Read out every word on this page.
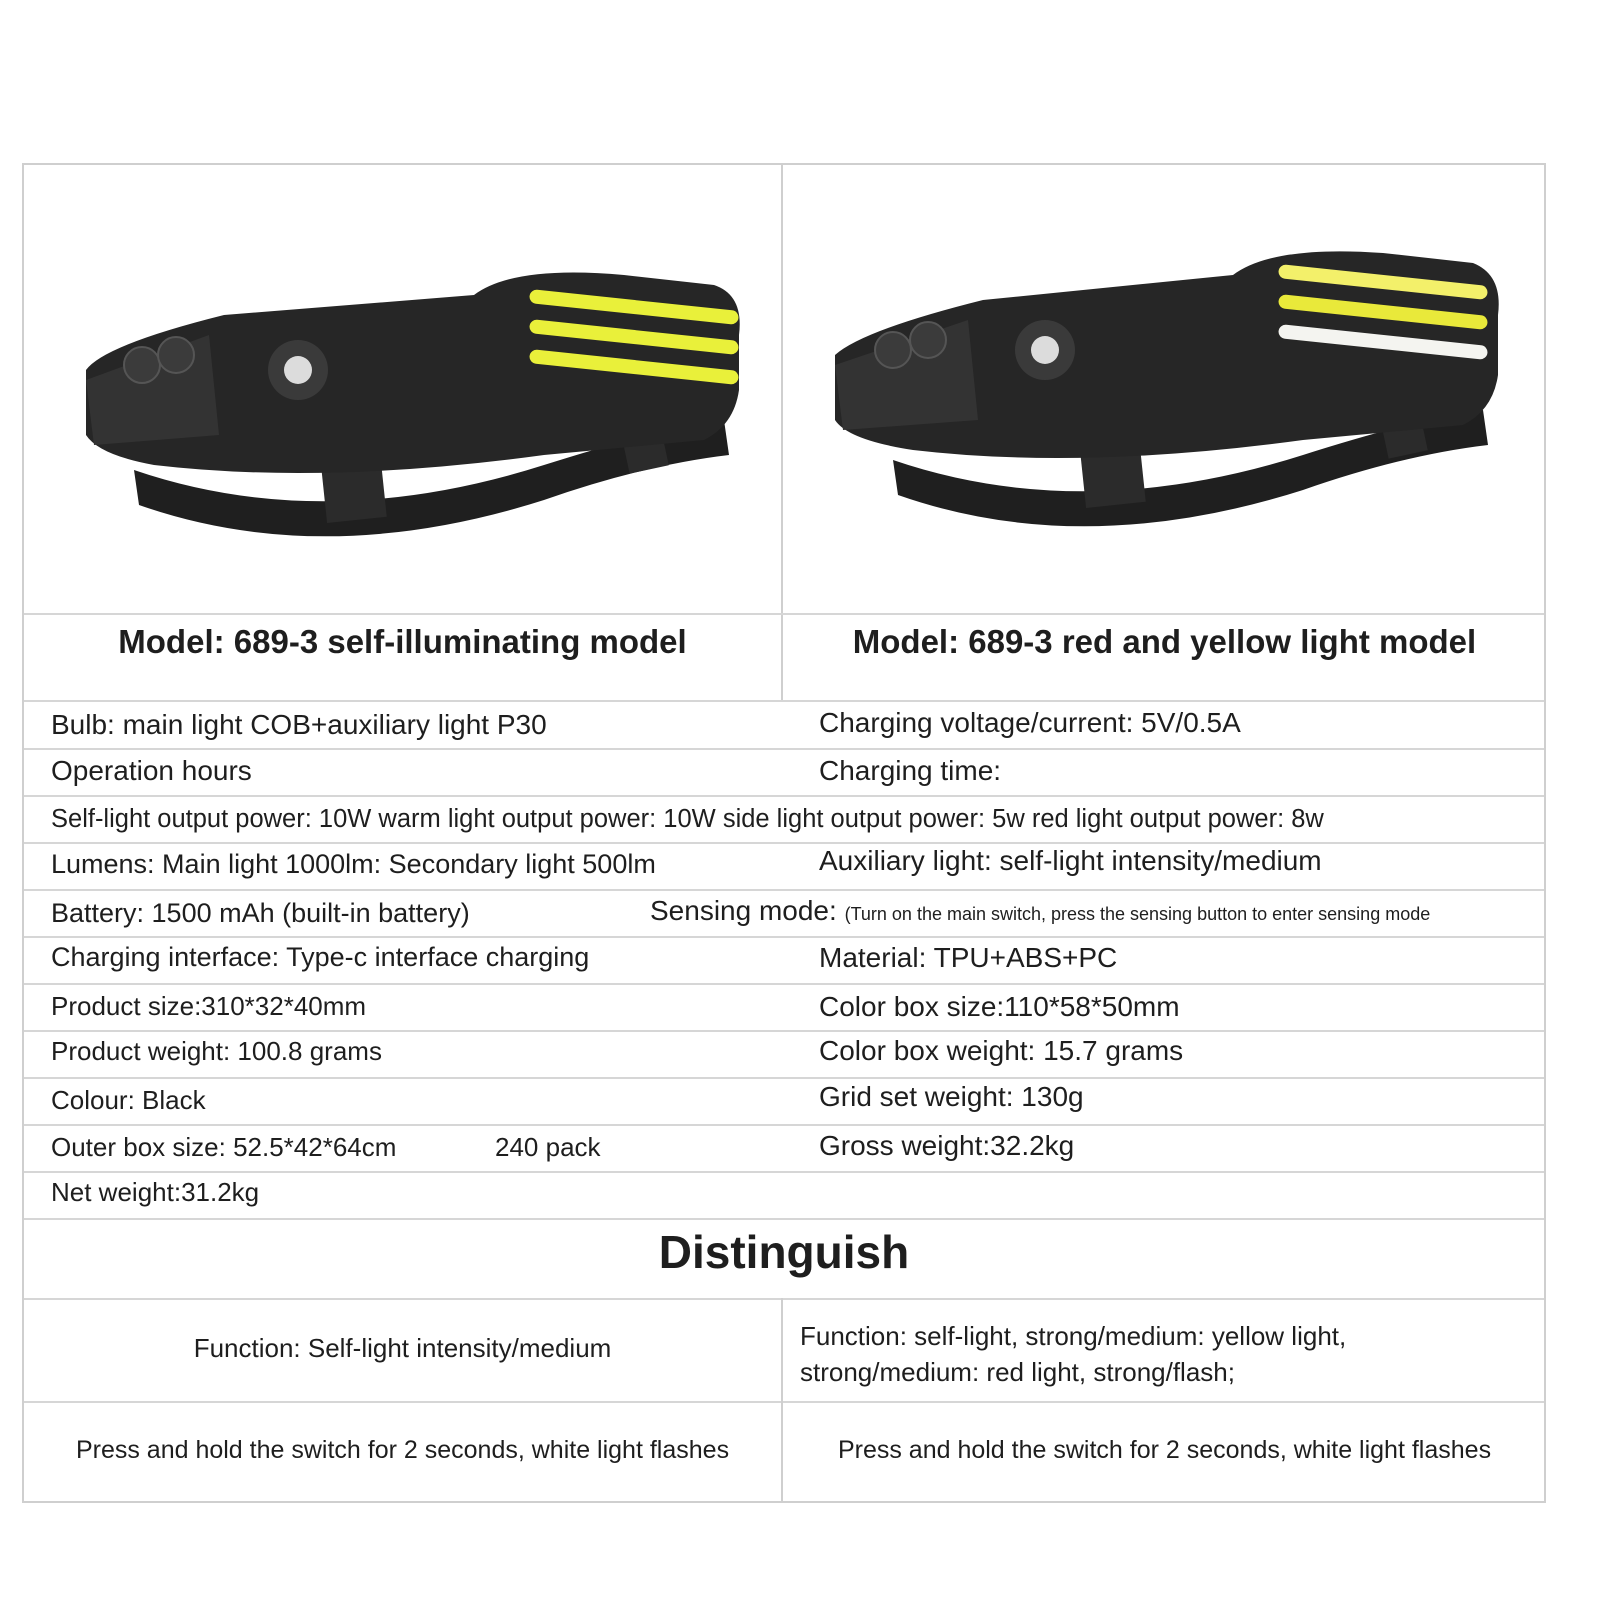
Model: 689-3 self-illuminating model	Model: 689-3 red and yellow light model
Bulb: main light COB+auxiliary light P30	Charging voltage/current: 5V/0.5A
Operation hours	Charging time:
Self-light output power: 10W warm light output power: 10W side light output power: 5w red light output power: 8w
Lumens: Main light 1000lm: Secondary light 500lm	Auxiliary light: self-light intensity/medium
Battery: 1500 mAh (built-in battery)	Sensing mode: (Turn on the main switch, press the sensing button to enter sensing mode
Charging interface: Type-c interface charging	Material: TPU+ABS+PC
Product size:310*32*40mm	Color box size:110*58*50mm
Product weight: 100.8 grams	Color box weight: 15.7 grams
Colour: Black	Grid set weight: 130g
Outer box size: 52.5*42*64cm	240 pack	Gross weight:32.2kg
Net weight:31.2kg
Distinguish
Function: Self-light intensity/medium	Function: self-light, strong/medium: yellow light,
strong/medium: red light, strong/flash;
Press and hold the switch for 2 seconds, white light flashes	Press and hold the switch for 2 seconds, white light flashes
